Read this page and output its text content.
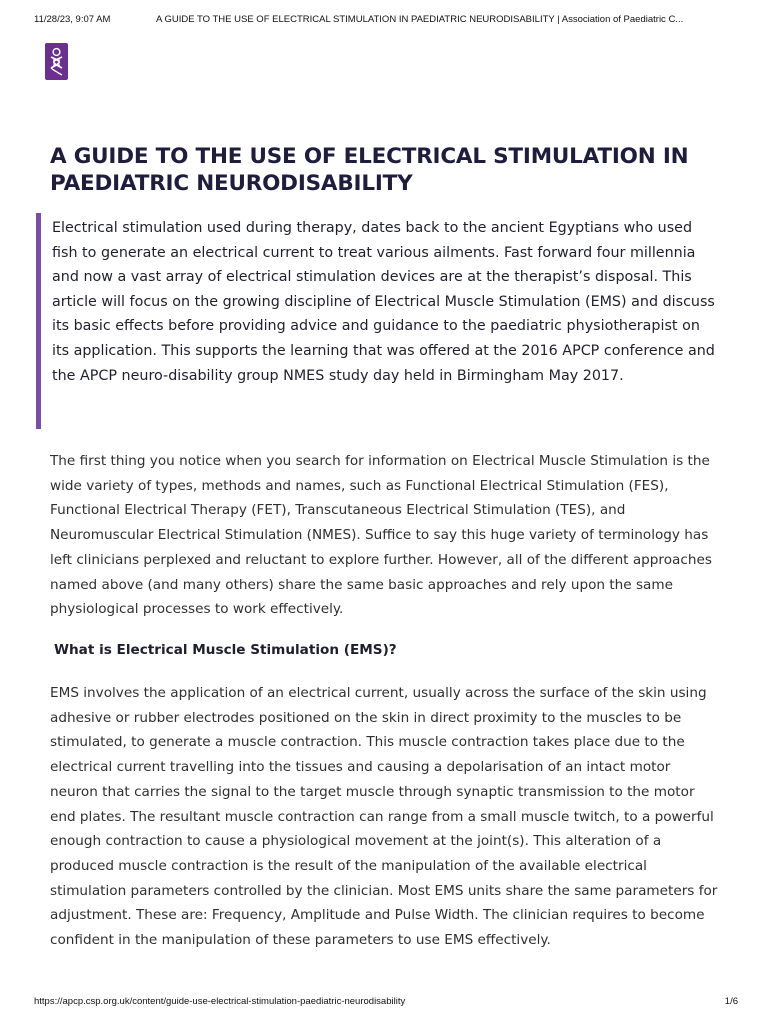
11/28/23, 9:07 AM	A GUIDE TO THE USE OF ELECTRICAL STIMULATION IN PAEDIATRIC NEURODISABILITY | Association of Paediatric C...
A GUIDE TO THE USE OF ELECTRICAL STIMULATION IN PAEDIATRIC NEURODISABILITY

Electrical stimulation used during therapy, dates back to the ancient Egyptians who used fish to generate an electrical current to treat various ailments. Fast forward four millennia and now a vast array of electrical stimulation devices are at the therapist’s disposal. This article will focus on the growing discipline of Electrical Muscle Stimulation (EMS) and discuss its basic effects before providing advice and guidance to the paediatric physiotherapist on its application. This supports the learning that was offered at the 2016 APCP conference and the APCP neuro-disability group NMES study day held in Birmingham May 2017.

The first thing you notice when you search for information on Electrical Muscle Stimulation is the wide variety of types, methods and names, such as Functional Electrical Stimulation (FES), Functional Electrical Therapy (FET), Transcutaneous Electrical Stimulation (TES), and Neuromuscular Electrical Stimulation (NMES). Suffice to say this huge variety of terminology has left clinicians perplexed and reluctant to explore further. However, all of the different approaches named above (and many others) share the same basic approaches and rely upon the same physiological processes to work effectively.

What is Electrical Muscle Stimulation (EMS)?

EMS involves the application of an electrical current, usually across the surface of the skin using adhesive or rubber electrodes positioned on the skin in direct proximity to the muscles to be stimulated, to generate a muscle contraction. This muscle contraction takes place due to the electrical current travelling into the tissues and causing a depolarisation of an intact motor neuron that carries the signal to the target muscle through synaptic transmission to the motor end plates. The resultant muscle contraction can range from a small muscle twitch, to a powerful enough contraction to cause a physiological movement at the joint(s). This alteration of a produced muscle contraction is the result of the manipulation of the available electrical stimulation parameters controlled by the clinician. Most EMS units share the same parameters for adjustment. These are: Frequency, Amplitude and Pulse Width. The clinician requires to become confident in the manipulation of these parameters to use EMS effectively.

https://apcp.csp.org.uk/content/guide-use-electrical-stimulation-paediatric-neurodisability	1/6
